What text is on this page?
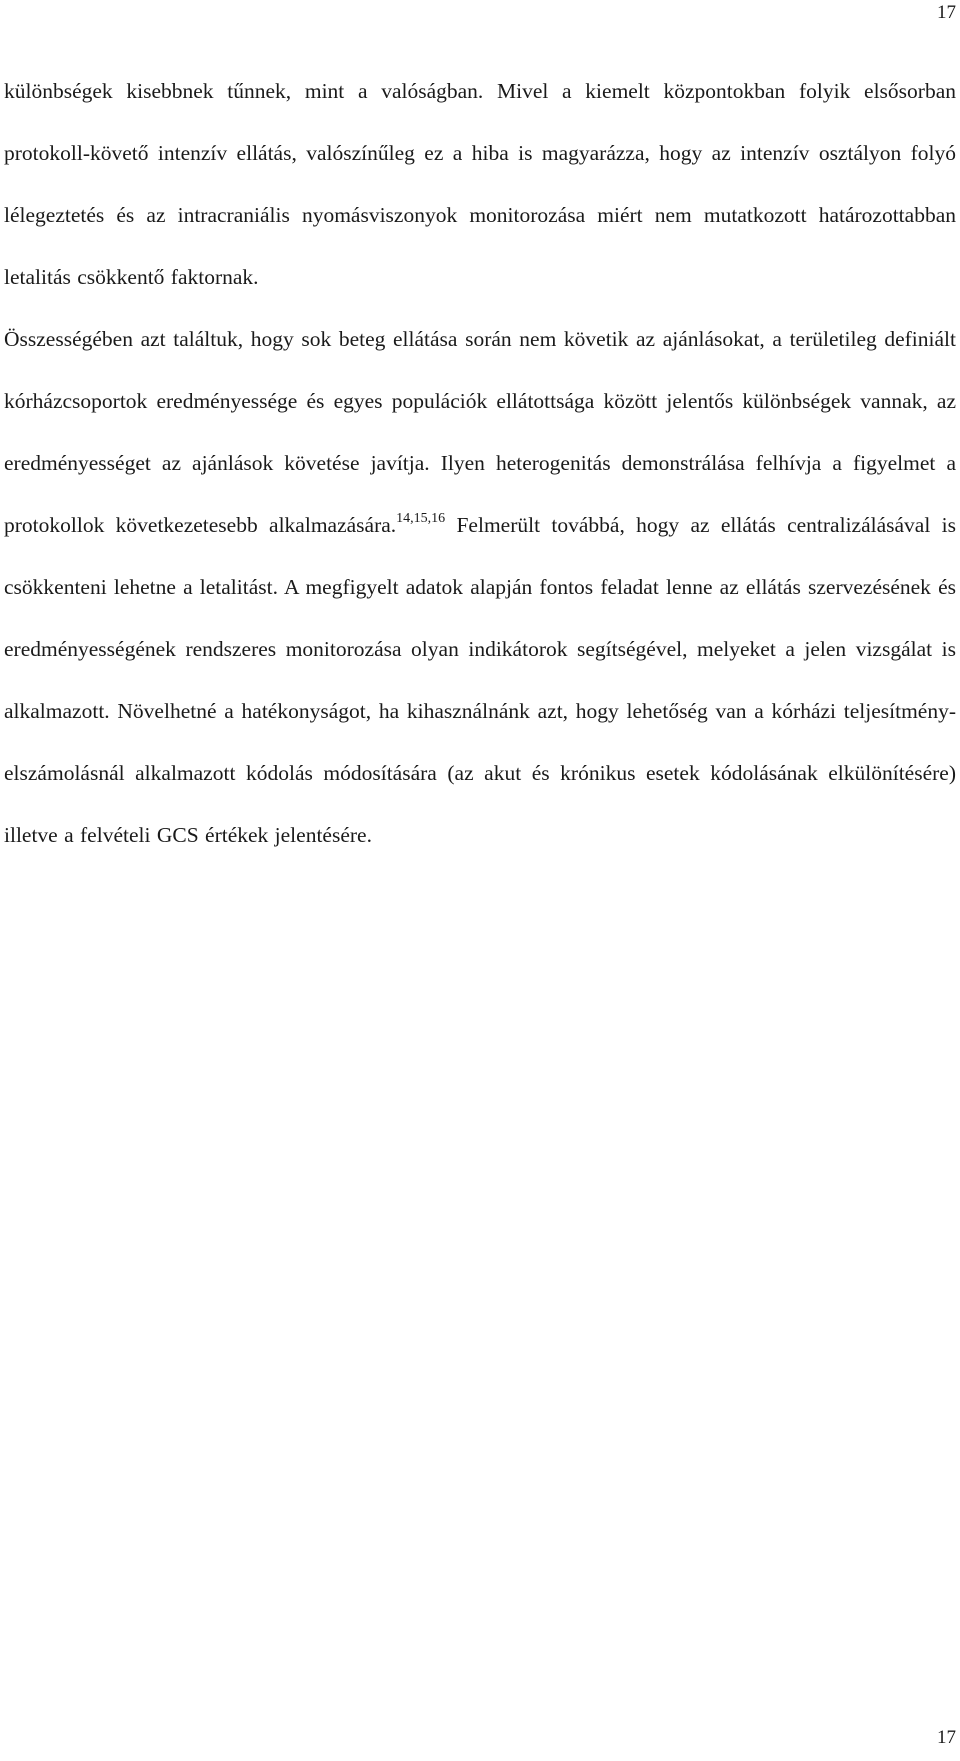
17

különbségek kisebbnek tűnnek, mint a valóságban. Mivel a kiemelt központokban folyik elsősorban protokoll-követő intenzív ellátás, valószínűleg ez a hiba is magyarázza, hogy az intenzív osztályon folyó lélegeztetés és az intracraniális nyomásviszonyok monitorozása miért nem mutatkozott határozottabban letalitás csökkentő faktornak.

Összességében azt találtuk, hogy sok beteg ellátása során nem követik az ajánlásokat, a területileg definiált kórházcsoportok eredményessége és egyes populációk ellátottsága között jelentős különbségek vannak, az eredményességet az ajánlások követése javítja. Ilyen heterogenitás demonstrálása felhívja a figyelmet a protokollok következetesebb alkalmazására.$^{14,15,16}$ Felmerült továbbá, hogy az ellátás centralizálásával is csökkenteni lehetne a letalitást. A megfigyelt adatok alapján fontos feladat lenne az ellátás szervezésének és eredményességének rendszeres monitorozása olyan indikátorok segítségével, melyeket a jelen vizsgálat is alkalmazott. Növelhetné a hatékonyságot, ha kihasználnánk azt, hogy lehetőség van a kórházi teljesítmény-elszámolásnál alkalmazott kódolás módosítására (az akut és krónikus esetek kódolásának elkülönítésére) illetve a felvételi GCS értékek jelentésére.

17
